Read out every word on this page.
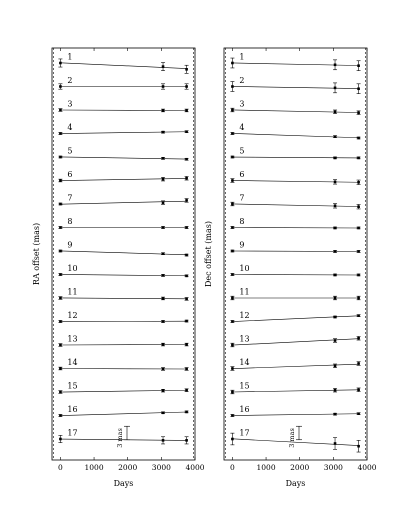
1
2
3
4
5
6
7
8
9
10
11
12
13
14
15
16
17
0	1000 2000 3000 4000
Days
RA offset (mas)
3 mas
1
2
3
4
5
6
7
8
9
10
11
12
13
14
15
16
17
0	1000 2000 3000 4000
Days
Dec offset (mas)
3 mas
